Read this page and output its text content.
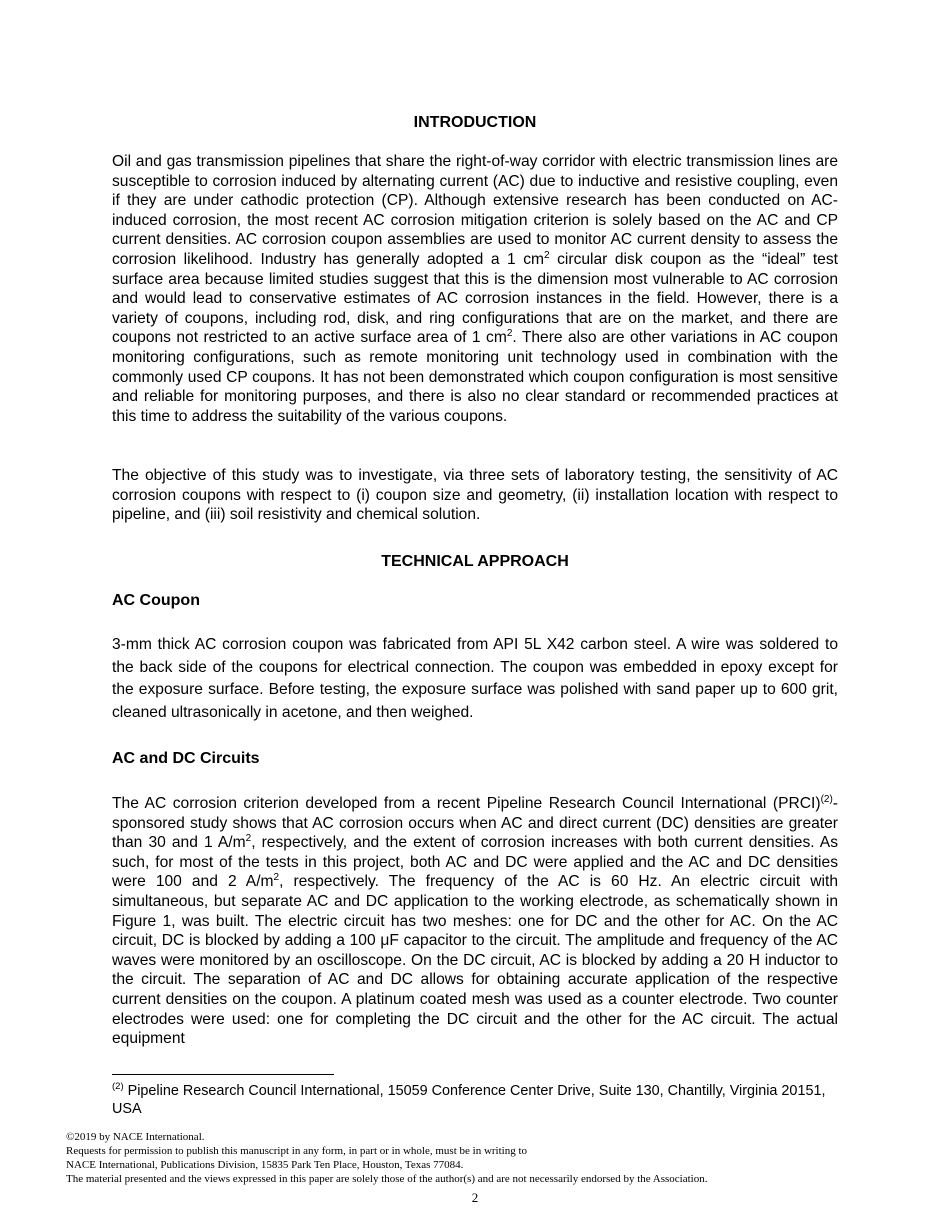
INTRODUCTION
Oil and gas transmission pipelines that share the right-of-way corridor with electric transmission lines are susceptible to corrosion induced by alternating current (AC) due to inductive and resistive coupling, even if they are under cathodic protection (CP). Although extensive research has been conducted on AC-induced corrosion, the most recent AC corrosion mitigation criterion is solely based on the AC and CP current densities. AC corrosion coupon assemblies are used to monitor AC current density to assess the corrosion likelihood. Industry has generally adopted a 1 $cm^2$ circular disk coupon as the “ideal” test surface area because limited studies suggest that this is the dimension most vulnerable to AC corrosion and would lead to conservative estimates of AC corrosion instances in the field. However, there is a variety of coupons, including rod, disk, and ring configurations that are on the market, and there are coupons not restricted to an active surface area of 1 $cm^2$. There also are other variations in AC coupon monitoring configurations, such as remote monitoring unit technology used in combination with the commonly used CP coupons. It has not been demonstrated which coupon configuration is most sensitive and reliable for monitoring purposes, and there is also no clear standard or recommended practices at this time to address the suitability of the various coupons.
The objective of this study was to investigate, via three sets of laboratory testing, the sensitivity of AC corrosion coupons with respect to (i) coupon size and geometry, (ii) installation location with respect to pipeline, and (iii) soil resistivity and chemical solution.
TECHNICAL APPROACH
AC Coupon
3-mm thick AC corrosion coupon was fabricated from API 5L X42 carbon steel. A wire was soldered to the back side of the coupons for electrical connection. The coupon was embedded in epoxy except for the exposure surface. Before testing, the exposure surface was polished with sand paper up to 600 grit, cleaned ultrasonically in acetone, and then weighed.
AC and DC Circuits
The AC corrosion criterion developed from a recent Pipeline Research Council International (PRCI)$^{(2)}$-sponsored study shows that AC corrosion occurs when AC and direct current (DC) densities are greater than 30 and 1 $A/m^2$, respectively, and the extent of corrosion increases with both current densities. As such, for most of the tests in this project, both AC and DC were applied and the AC and DC densities were 100 and 2 $A/m^2$, respectively. The frequency of the AC is 60 Hz. An electric circuit with simultaneous, but separate AC and DC application to the working electrode, as schematically shown in Figure 1, was built. The electric circuit has two meshes: one for DC and the other for AC. On the AC circuit, DC is blocked by adding a 100 μF capacitor to the circuit. The amplitude and frequency of the AC waves were monitored by an oscilloscope. On the DC circuit, AC is blocked by adding a 20 H inductor to the circuit. The separation of AC and DC allows for obtaining accurate application of the respective current densities on the coupon. A platinum coated mesh was used as a counter electrode. Two counter electrodes were used: one for completing the DC circuit and the other for the AC circuit. The actual equipment
$^{(2)}$ Pipeline Research Council International, 15059 Conference Center Drive, Suite 130, Chantilly, Virginia 20151, USA
©2019 by NACE International.
Requests for permission to publish this manuscript in any form, in part or in whole, must be in writing to
NACE International, Publications Division, 15835 Park Ten Place, Houston, Texas 77084.
The material presented and the views expressed in this paper are solely those of the author(s) and are not necessarily endorsed by the Association.
2
